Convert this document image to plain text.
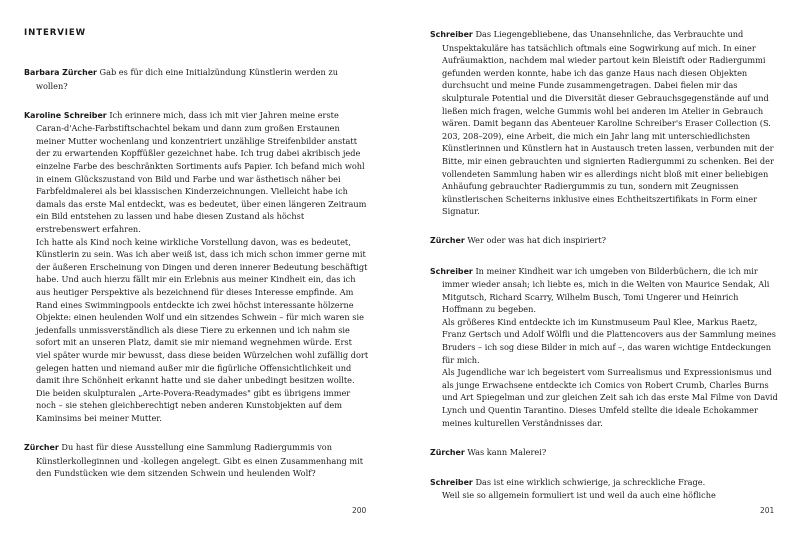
INTERVIEW

Barbara Zürcher Gab es für dich eine Initialzündung Künstlerin werden zu wollen?

Karoline Schreiber Ich erinnere mich, dass ich mit vier Jahren meine erste Caran-d'Ache-Farbstiftschachtel bekam und dann zum großen Erstaunen meiner Mutter wochenlang und konzentriert unzählige Streifenbilder anstatt der zu erwartenden Kopffüßler gezeichnet habe. Ich trug dabei akribisch jede einzelne Farbe des beschränkten Sortiments aufs Papier. Ich befand mich wohl in einem Glückszustand von Bild und Farbe und war ästhetisch näher bei Farbfeldmalerei als bei klassischen Kinderzeichnungen. Vielleicht habe ich damals das erste Mal entdeckt, was es bedeutet, über einen längeren Zeitraum ein Bild entstehen zu lassen und habe diesen Zustand als höchst erstrebenswert erfahren.

Ich hatte als Kind noch keine wirkliche Vorstellung davon, was es bedeutet, Künstlerin zu sein. Was ich aber weiß ist, dass ich mich schon immer gerne mit der äußeren Erscheinung von Dingen und deren innerer Bedeutung beschäftigt habe. Und auch hierzu fällt mir ein Erlebnis aus meiner Kindheit ein, das ich aus heutiger Perspektive als bezeichnend für dieses Interesse empfinde. Am Rand eines Swimmingpools entdeckte ich zwei höchst interessante hölzerne Objekte: einen heulenden Wolf und ein sitzendes Schwein – für mich waren sie jedenfalls unmissverständlich als diese Tiere zu erkennen und ich nahm sie sofort mit an unseren Platz, damit sie mir niemand wegnehmen würde. Erst viel später wurde mir bewusst, dass diese beiden Würzelchen wohl zufällig dort gelegen hatten und niemand außer mir die figürliche Offensichtlichkeit und damit ihre Schönheit erkannt hatte und sie daher unbedingt besitzen wollte. Die beiden skulpturalen „Arte-Povera-Readymades" gibt es übrigens immer noch – sie stehen gleichberechtigt neben anderen Kunstobjekten auf dem Kaminsims bei meiner Mutter.

Zürcher Du hast für diese Ausstellung eine Sammlung Radiergummis von Künstlerkolleginnen und -kollegen angelegt. Gibt es einen Zusammenhang mit den Fundstücken wie dem sitzenden Schwein und heulenden Wolf?

200

Schreiber Das Liegengebliebene, das Unansehnliche, das Verbrauchte und Unspektakuläre has tatsächlich oftmals eine Sogwirkung auf mich. In einer Aufräumaktion, nachdem mal wieder partout kein Bleistift oder Radiergummi gefunden werden konnte, habe ich das ganze Haus nach diesen Objekten durchsucht und meine Funde zusammengetragen. Dabei fielen mir das skulpturale Potential und die Diversität dieser Gebrauchsgegenstände auf und ließen mich fragen, welche Gummis wohl bei anderen im Atelier in Gebrauch wären. Damit begann das Abenteuer Karoline Schreiber's Eraser Collection (S. 203, 208–209), eine Arbeit, die mich ein Jahr lang mit unterschiedlichsten Künstlerinnen und Künstlern hat in Austausch treten lassen, verbunden mit der Bitte, mir einen gebrauchten und signierten Radiergummi zu schenken. Bei der vollendeten Sammlung haben wir es allerdings nicht bloß mit einer beliebigen Anhäufung gebrauchter Radiergummis zu tun, sondern mit Zeugnissen künstlerischen Scheiterns inklusive eines Echtheitszertifikats in Form einer Signatur.

Zürcher Wer oder was hat dich inspiriert?

Schreiber In meiner Kindheit war ich umgeben von Bilderbüchern, die ich mir immer wieder ansah; ich liebte es, mich in die Welten von Maurice Sendak, Ali Mitgutsch, Richard Scarry, Wilhelm Busch, Tomi Ungerer und Heinrich Hoffmann zu begeben.

Als größeres Kind entdeckte ich im Kunstmuseum Paul Klee, Markus Raetz, Franz Gertsch und Adolf Wölfli und die Plattencovers aus der Sammlung meines Bruders – ich sog diese Bilder in mich auf –, das waren wichtige Entdeckungen für mich.

Als Jugendliche war ich begeistert vom Surrealismus und Expressionismus und als junge Erwachsene entdeckte ich Comics von Robert Crumb, Charles Burns und Art Spiegelman und zur gleichen Zeit sah ich das erste Mal Filme von David Lynch und Quentin Tarantino. Dieses Umfeld stellte die ideale Echokammer meines kulturellen Verständnisses dar.

Zürcher Was kann Malerei?

Schreiber Das ist eine wirklich schwierige, ja schreckliche Frage.

Weil sie so allgemein formuliert ist und weil da auch eine höfliche

201
